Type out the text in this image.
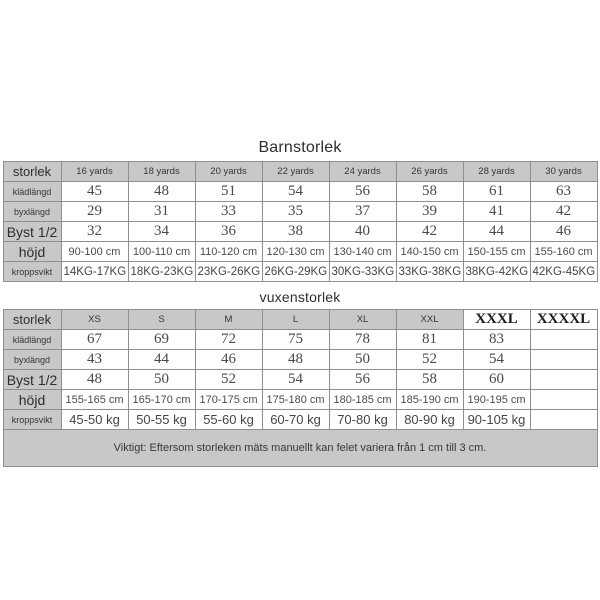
Barnstorlek
storlek	16 yards	18 yards	20 yards	22 yards	24 yards	26 yards	28 yards	30 yards
klädlängd	45	48	51	54	56	58	61	63
byxlängd	29	31	33	35	37	39	41	42
Byst 1/2	32	34	36	38	40	42	44	46
höjd	90-100 cm	100-110 cm	110-120 cm	120-130 cm	130-140 cm	140-150 cm	150-155 cm	155-160 cm
kroppsvikt	14KG-17KG	18KG-23KG	23KG-26KG	26KG-29KG	30KG-33KG	33KG-38KG	38KG-42KG	42KG-45KG
vuxenstorlek
storlek	XS	S	M	L	XL	XXL	XXXL	XXXXL
klädlängd	67	69	72	75	78	81	83	
byxlängd	43	44	46	48	50	52	54	
Byst 1/2	48	50	52	54	56	58	60	
höjd	155-165 cm	165-170 cm	170-175 cm	175-180 cm	180-185 cm	185-190 cm	190-195 cm	
kroppsvikt	45-50 kg	50-55 kg	55-60 kg	60-70 kg	70-80 kg	80-90 kg	90-105 kg	
Viktigt: Eftersom storleken mäts manuellt kan felet variera från 1 cm till 3 cm.								
